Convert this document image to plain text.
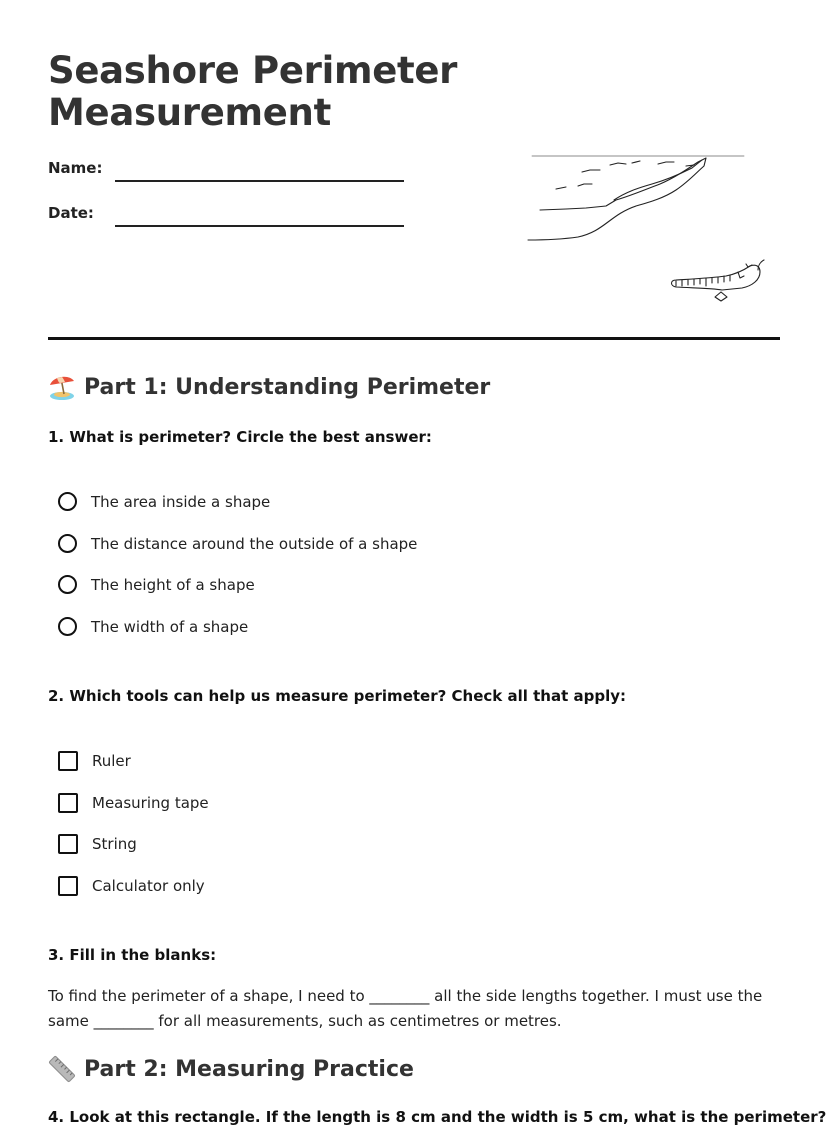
Seashore Perimeter
Measurement
Name:
Date:
Part 1: Understanding Perimeter
1. What is perimeter? Circle the best answer:
The area inside a shape
The distance around the outside of a shape
The height of a shape
The width of a shape
2. Which tools can help us measure perimeter? Check all that apply:
Ruler
Measuring tape
String
Calculator only
3. Fill in the blanks:

To find the perimeter of a shape, I need to ________ all the side lengths together. I must use the same ________ for all measurements, such as centimetres or metres.

Part 2: Measuring Practice
4. Look at this rectangle. If the length is 8 cm and the width is 5 cm, what is the perimeter?
